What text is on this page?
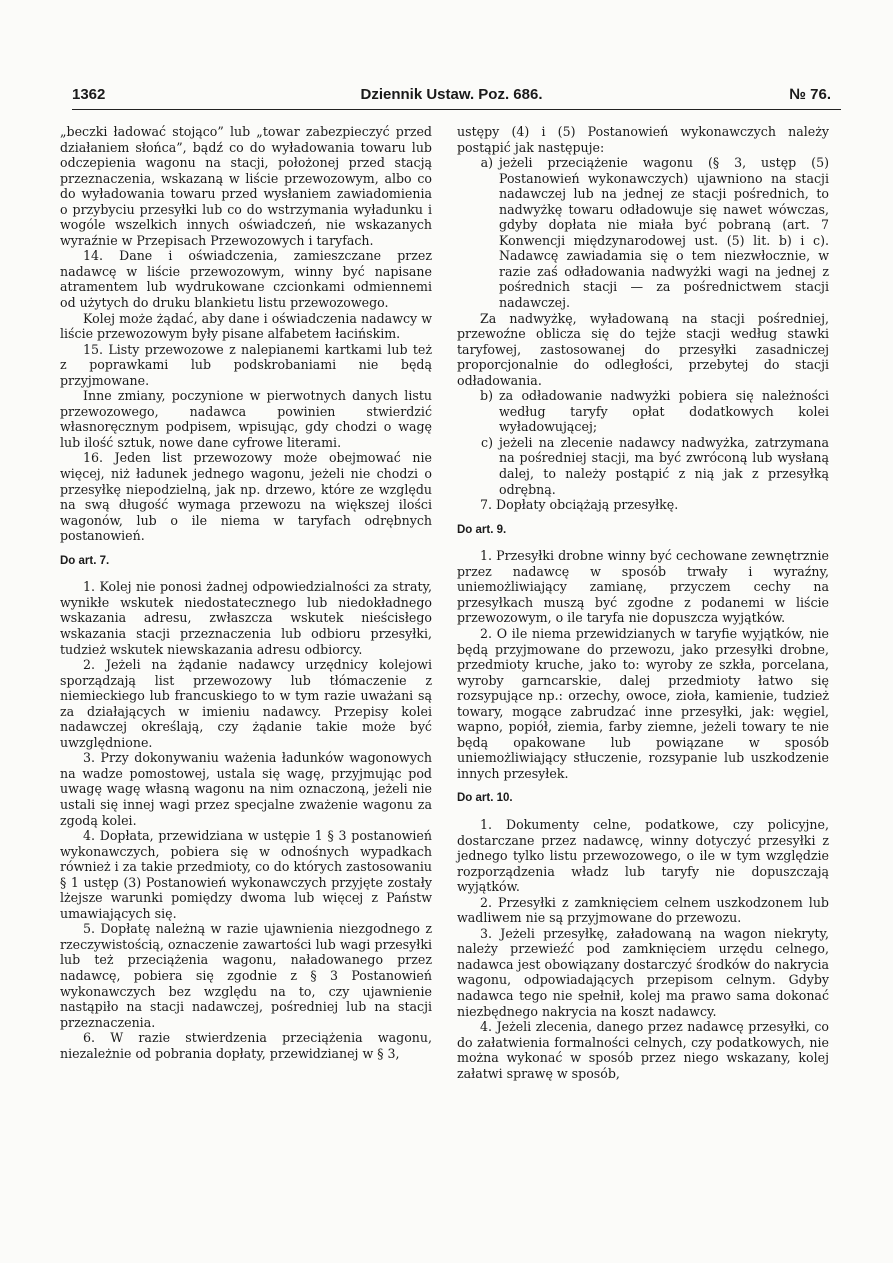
1362	Dziennik Ustaw. Poz. 686.	№ 76.

„beczki ładować stojąco” lub „towar zabezpieczyć przed działaniem słońca”, bądź co do wyładowania towaru lub odczepienia wagonu na stacji, położonej przed stacją przeznaczenia, wskazaną w liście przewozowym, albo co do wyładowania towaru przed wysłaniem zawiadomienia o przybyciu przesyłki lub co do wstrzymania wyładunku i wogóle wszelkich innych oświadczeń, nie wskazanych wyraźnie w Przepisach Przewozowych i taryfach.

14. Dane i oświadczenia, zamieszczane przez nadawcę w liście przewozowym, winny być napisane atramentem lub wydrukowane czcionkami odmiennemi od użytych do druku blankietu listu przewozowego.

Kolej może żądać, aby dane i oświadczenia nadawcy w liście przewozowym były pisane alfabetem łacińskim.

15. Listy przewozowe z nalepianemi kartkami lub też z poprawkami lub podskrobaniami nie będą przyjmowane.

Inne zmiany, poczynione w pierwotnych danych listu przewozowego, nadawca powinien stwierdzić własnoręcznym podpisem, wpisując, gdy chodzi o wagę lub ilość sztuk, nowe dane cyfrowe literami.

16. Jeden list przewozowy może obejmować nie więcej, niż ładunek jednego wagonu, jeżeli nie chodzi o przesyłkę niepodzielną, jak np. drzewo, które ze względu na swą długość wymaga przewozu na większej ilości wagonów, lub o ile niema w taryfach odrębnych postanowień.

Do art. 7.

1. Kolej nie ponosi żadnej odpowiedzialności za straty, wynikłe wskutek niedostatecznego lub niedokładnego wskazania adresu, zwłaszcza wskutek nieścisłego wskazania stacji przeznaczenia lub odbioru przesyłki, tudzież wskutek niewskazania adresu odbiorcy.

2. Jeżeli na żądanie nadawcy urzędnicy kolejowi sporządzają list przewozowy lub tłómaczenie z niemieckiego lub francuskiego to w tym razie uważani są za działających w imieniu nadawcy. Przepisy kolei nadawczej określają, czy żądanie takie może być uwzględnione.

3. Przy dokonywaniu ważenia ładunków wagonowych na wadze pomostowej, ustala się wagę, przyjmując pod uwagę wagę własną wagonu na nim oznaczoną, jeżeli nie ustali się innej wagi przez specjalne zważenie wagonu za zgodą kolei.

4. Dopłata, przewidziana w ustępie 1 § 3 postanowień wykonawczych, pobiera się w odnośnych wypadkach również i za takie przedmioty, co do których zastosowaniu § 1 ustęp (3) Postanowień wykonawczych przyjęte zostały lżejsze warunki pomiędzy dwoma lub więcej z Państw umawiających się.

5. Dopłatę należną w razie ujawnienia niezgodnego z rzeczywistością, oznaczenie zawartości lub wagi przesyłki lub też przeciążenia wagonu, naładowanego przez nadawcę, pobiera się zgodnie z § 3 Postanowień wykonawczych bez względu na to, czy ujawnienie nastąpiło na stacji nadawczej, pośredniej lub na stacji przeznaczenia.

6. W razie stwierdzenia przeciążenia wagonu, niezależnie od pobrania dopłaty, przewidzianej w § 3,

ustępy (4) i (5) Postanowień wykonawczych należy postąpić jak następuje:

a) jeżeli przeciążenie wagonu (§ 3, ustęp (5) Postanowień wykonawczych) ujawniono na stacji nadawczej lub na jednej ze stacji pośrednich, to nadwyżkę towaru odładowuje się nawet wówczas, gdyby dopłata nie miała być pobraną (art. 7 Konwencji międzynarodowej ust. (5) lit. b) i c). Nadawcę zawiadamia się o tem niezwłocznie, w razie zaś odładowania nadwyżki wagi na jednej z pośrednich stacji — za pośrednictwem stacji nadawczej.

Za nadwyżkę, wyładowaną na stacji pośredniej, przewoźne oblicza się do tejże stacji według stawki taryfowej, zastosowanej do przesyłki zasadniczej proporcjonalnie do odległości, przebytej do stacji odładowania.

b) za odładowanie nadwyżki pobiera się należności według taryfy opłat dodatkowych kolei wyładowującej;
c) jeżeli na zlecenie nadawcy nadwyżka, zatrzymana na pośredniej stacji, ma być zwróconą lub wysłaną dalej, to należy postąpić z nią jak z przesyłką odrębną.

7. Dopłaty obciążają przesyłkę.

Do art. 9.

1. Przesyłki drobne winny być cechowane zewnętrznie przez nadawcę w sposób trwały i wyraźny, uniemożliwiający zamianę, przyczem cechy na przesyłkach muszą być zgodne z podanemi w liście przewozowym, o ile taryfa nie dopuszcza wyjątków.

2. O ile niema przewidzianych w taryfie wyjątków, nie będą przyjmowane do przewozu, jako przesyłki drobne, przedmioty kruche, jako to: wyroby ze szkła, porcelana, wyroby garncarskie, dalej przedmioty łatwo się rozsypujące np.: orzechy, owoce, zioła, kamienie, tudzież towary, mogące zabrudzać inne przesyłki, jak: węgiel, wapno, popiół, ziemia, farby ziemne, jeżeli towary te nie będą opakowane lub powiązane w sposób uniemożliwiający stłuczenie, rozsypanie lub uszkodzenie innych przesyłek.

Do art. 10.

1. Dokumenty celne, podatkowe, czy policyjne, dostarczane przez nadawcę, winny dotyczyć przesyłki z jednego tylko listu przewozowego, o ile w tym względzie rozporządzenia władz lub taryfy nie dopuszczają wyjątków.

2. Przesyłki z zamknięciem celnem uszkodzonem lub wadliwem nie są przyjmowane do przewozu.

3. Jeżeli przesyłkę, załadowaną na wagon niekryty, należy przewieźć pod zamknięciem urzędu celnego, nadawca jest obowiązany dostarczyć środków do nakrycia wagonu, odpowiadających przepisom celnym. Gdyby nadawca tego nie spełnił, kolej ma prawo sama dokonać niezbędnego nakrycia na koszt nadawcy.

4. Jeżeli zlecenia, danego przez nadawcę przesyłki, co do załatwienia formalności celnych, czy podatkowych, nie można wykonać w sposób przez niego wskazany, kolej załatwi sprawę w sposób,
